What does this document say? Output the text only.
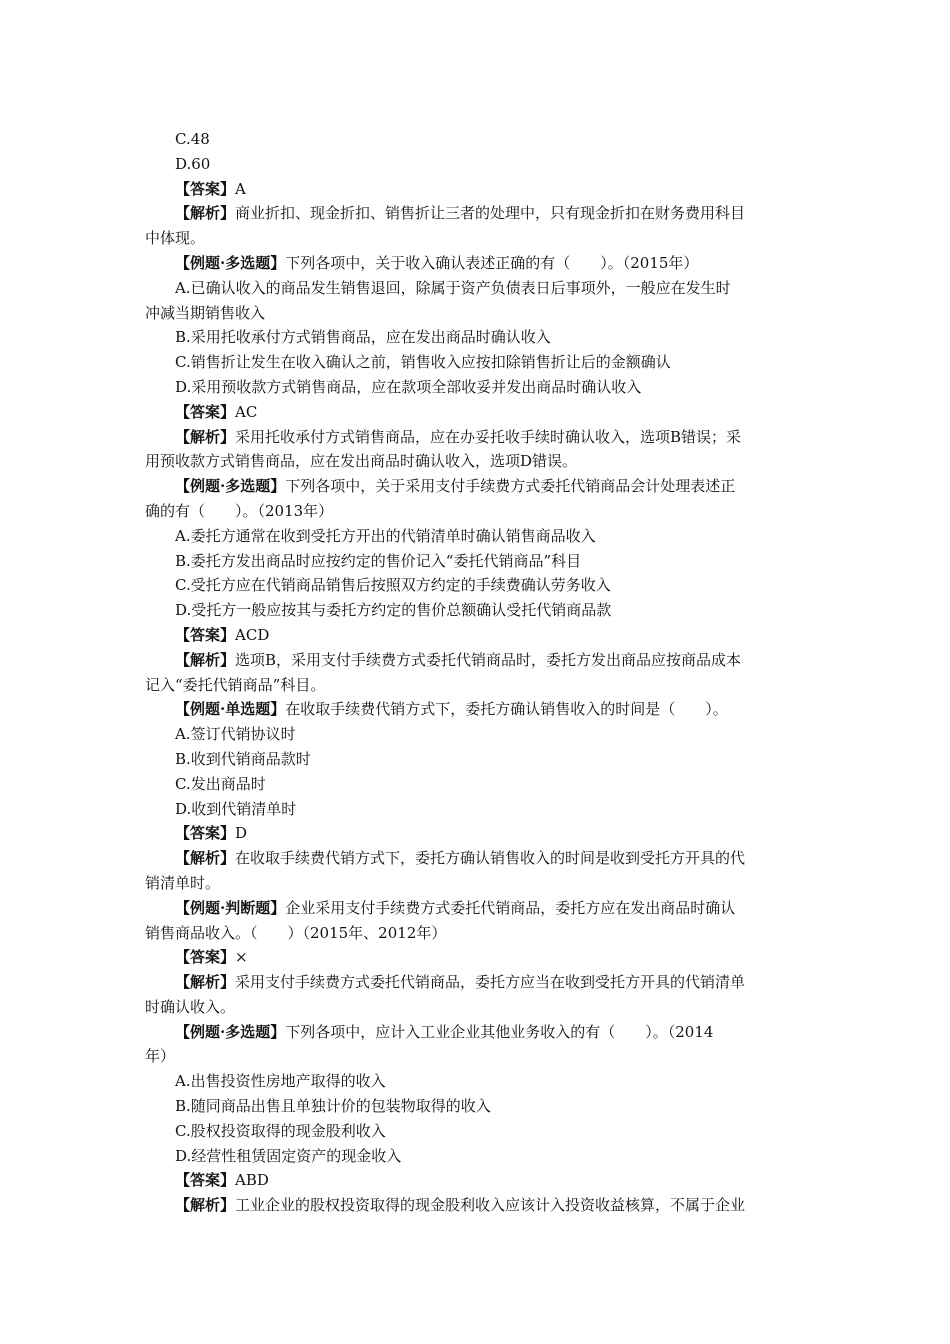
C.48

D.60

【答案】A

【解析】商业折扣、现金折扣、销售折让三者的处理中，只有现金折扣在财务费用科目

中体现。

【例题·多选题】下列各项中，关于收入确认表述正确的有（　　）。（2015年）

A.已确认收入的商品发生销售退回，除属于资产负债表日后事项外，一般应在发生时

冲减当期销售收入

B.采用托收承付方式销售商品，应在发出商品时确认收入

C.销售折让发生在收入确认之前，销售收入应按扣除销售折让后的金额确认

D.采用预收款方式销售商品，应在款项全部收妥并发出商品时确认收入

【答案】AC

【解析】采用托收承付方式销售商品，应在办妥托收手续时确认收入，选项B错误；采

用预收款方式销售商品，应在发出商品时确认收入，选项D错误。

【例题·多选题】下列各项中，关于采用支付手续费方式委托代销商品会计处理表述正

确的有（　　）。（2013年）

A.委托方通常在收到受托方开出的代销清单时确认销售商品收入

B.委托方发出商品时应按约定的售价记入“委托代销商品”科目

C.受托方应在代销商品销售后按照双方约定的手续费确认劳务收入

D.受托方一般应按其与委托方约定的售价总额确认受托代销商品款

【答案】ACD

【解析】选项B，采用支付手续费方式委托代销商品时，委托方发出商品应按商品成本

记入“委托代销商品”科目。

【例题·单选题】在收取手续费代销方式下，委托方确认销售收入的时间是（　　）。

A.签订代销协议时

B.收到代销商品款时

C.发出商品时

D.收到代销清单时

【答案】D

【解析】在收取手续费代销方式下，委托方确认销售收入的时间是收到受托方开具的代

销清单时。

【例题·判断题】企业采用支付手续费方式委托代销商品，委托方应在发出商品时确认

销售商品收入。（　　）（2015年、2012年）

【答案】×

【解析】采用支付手续费方式委托代销商品，委托方应当在收到受托方开具的代销清单

时确认收入。

【例题·多选题】下列各项中，应计入工业企业其他业务收入的有（　　）。（2014

年）

A.出售投资性房地产取得的收入

B.随同商品出售且单独计价的包装物取得的收入

C.股权投资取得的现金股利收入

D.经营性租赁固定资产的现金收入

【答案】ABD

【解析】工业企业的股权投资取得的现金股利收入应该计入投资收益核算，不属于企业
